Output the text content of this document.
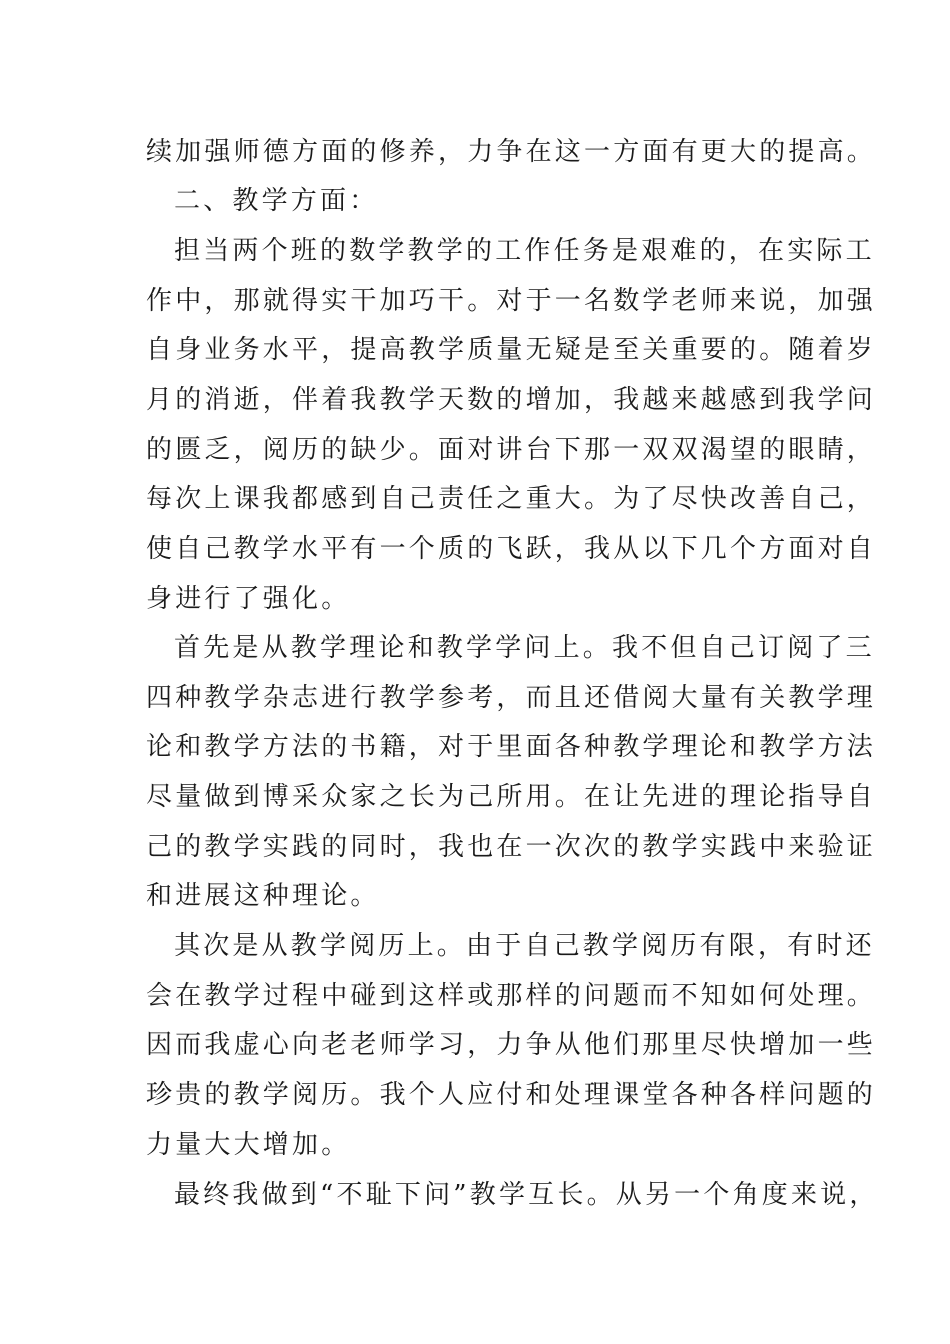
续加强师德方面的修养，力争在这一方面有更大的提高。
二、教学方面：
担当两个班的数学教学的工作任务是艰难的，在实际工
作中，那就得实干加巧干。对于一名数学老师来说，加强
自身业务水平，提高教学质量无疑是至关重要的。随着岁
月的消逝，伴着我教学天数的增加，我越来越感到我学问
的匮乏，阅历的缺少。面对讲台下那一双双渴望的眼睛，
每次上课我都感到自己责任之重大。为了尽快改善自己，
使自己教学水平有一个质的飞跃，我从以下几个方面对自
身进行了强化。
首先是从教学理论和教学学问上。我不但自己订阅了三
四种教学杂志进行教学参考，而且还借阅大量有关教学理
论和教学方法的书籍，对于里面各种教学理论和教学方法
尽量做到博采众家之长为己所用。在让先进的理论指导自
己的教学实践的同时，我也在一次次的教学实践中来验证
和进展这种理论。
其次是从教学阅历上。由于自己教学阅历有限，有时还
会在教学过程中碰到这样或那样的问题而不知如何处理。
因而我虚心向老老师学习，力争从他们那里尽快增加一些
珍贵的教学阅历。我个人应付和处理课堂各种各样问题的
力量大大增加。
最终我做到“不耻下问”教学互长。从另一个角度来说，
